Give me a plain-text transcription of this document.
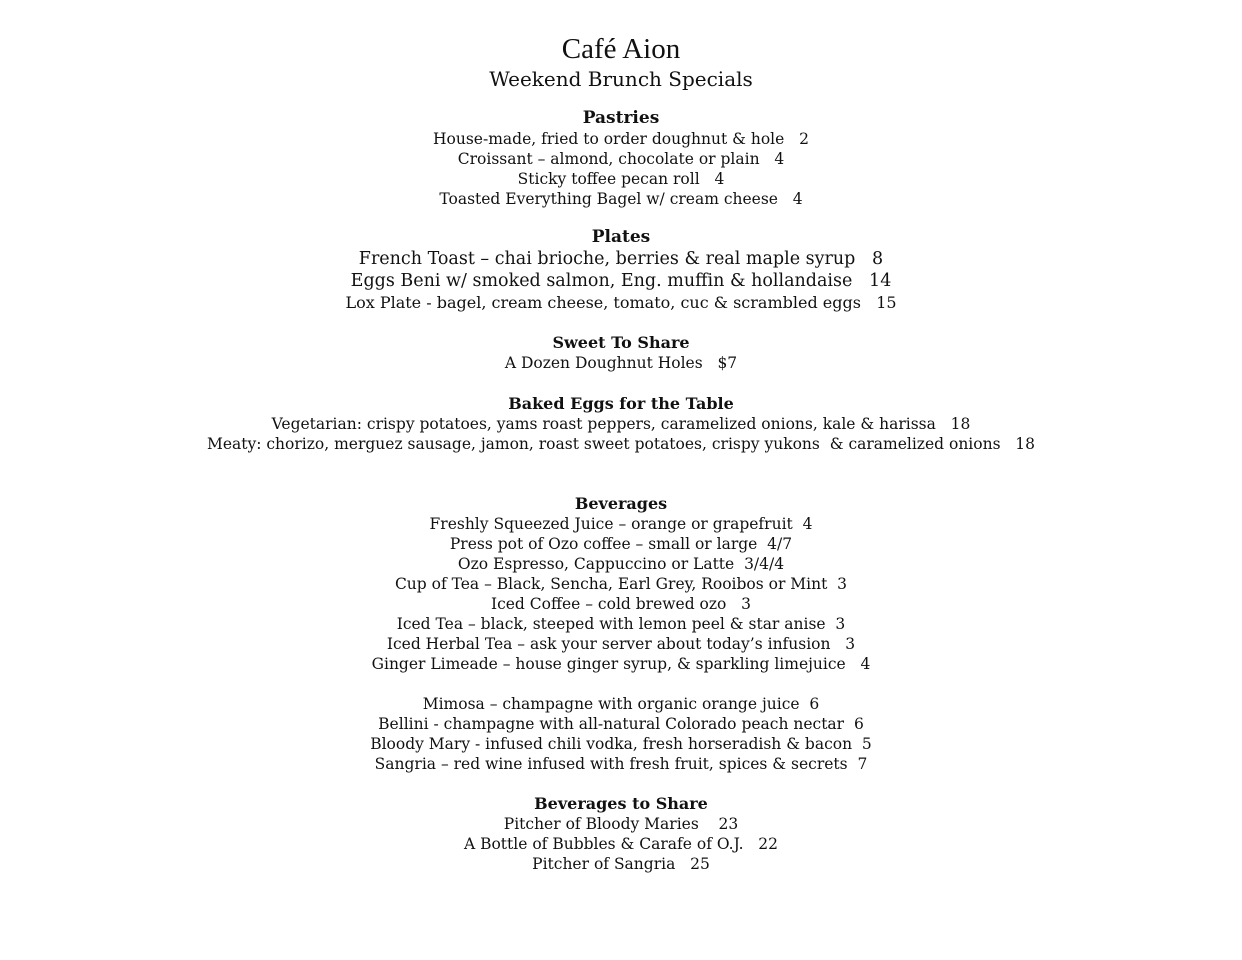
Café Aion
Weekend Brunch Specials
Pastries
House-made, fried to order doughnut & hole   2
Croissant – almond, chocolate or plain   4
Sticky toffee pecan roll   4
Toasted Everything Bagel w/ cream cheese   4
Plates
French Toast – chai brioche, berries & real maple syrup   8
Eggs Beni w/ smoked salmon, Eng. muffin & hollandaise   14
Lox Plate - bagel, cream cheese, tomato, cuc & scrambled eggs   15
Sweet To Share
A Dozen Doughnut Holes   $7
Baked Eggs for the Table
Vegetarian: crispy potatoes, yams roast peppers, caramelized onions, kale & harissa   18
Meaty: chorizo, merguez sausage, jamon, roast sweet potatoes, crispy yukons  & caramelized onions   18
Beverages
Freshly Squeezed Juice – orange or grapefruit  4
Press pot of Ozo coffee – small or large  4/7
Ozo Espresso, Cappuccino or Latte  3/4/4
Cup of Tea – Black, Sencha, Earl Grey, Rooibos or Mint  3
Iced Coffee – cold brewed ozo   3
Iced Tea – black, steeped with lemon peel & star anise  3
Iced Herbal Tea – ask your server about today’s infusion   3
Ginger Limeade – house ginger syrup, & sparkling limejuice   4
Mimosa – champagne with organic orange juice  6
Bellini - champagne with all-natural Colorado peach nectar  6
Bloody Mary - infused chili vodka, fresh horseradish & bacon  5
Sangria – red wine infused with fresh fruit, spices & secrets  7
Beverages to Share
Pitcher of Bloody Maries    23
A Bottle of Bubbles & Carafe of O.J.   22
Pitcher of Sangria   25
